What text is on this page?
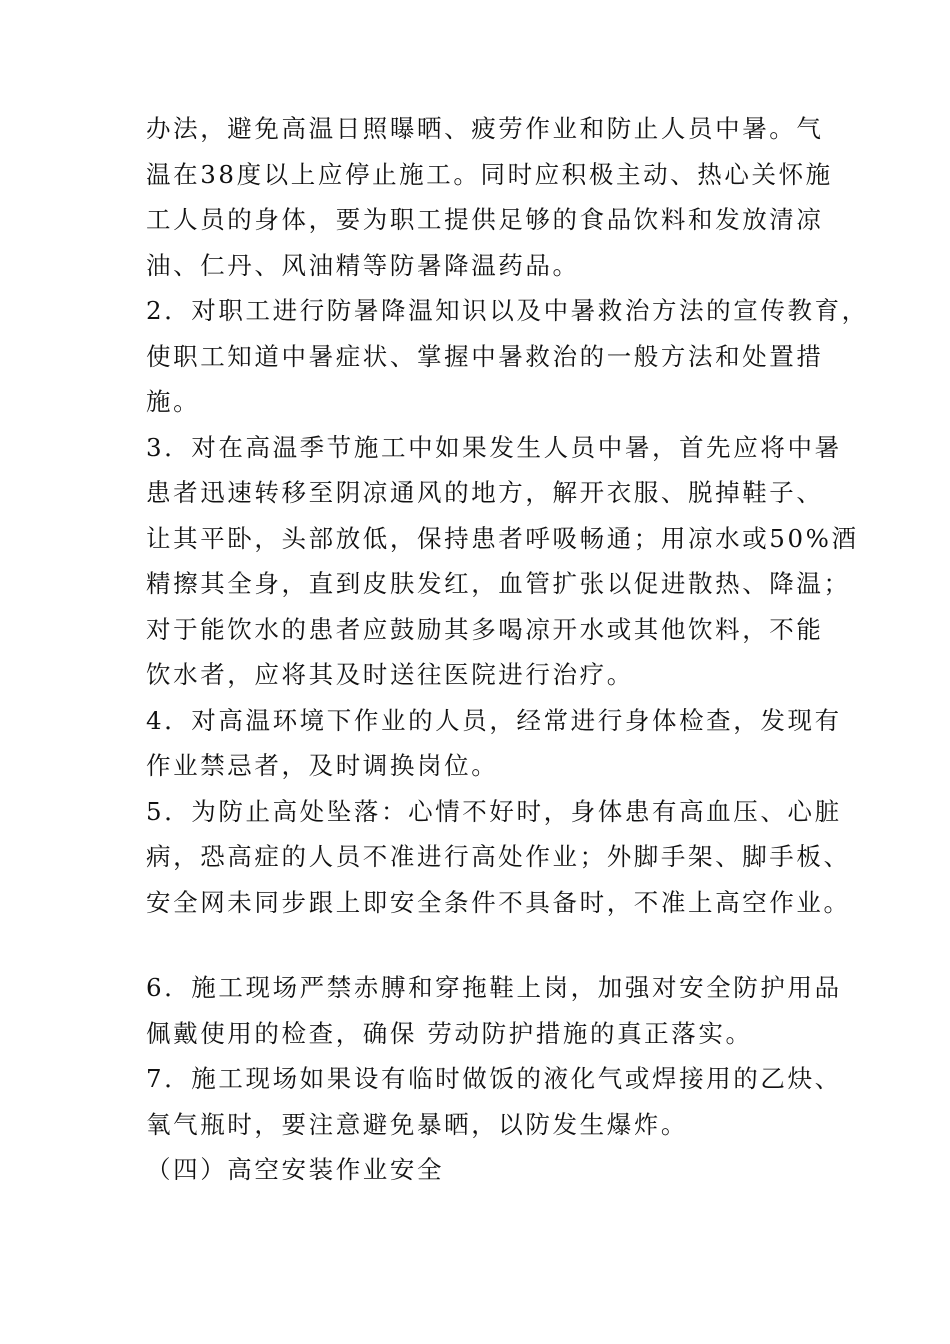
办法，避免高温日照曝晒、疲劳作业和防止人员中暑。气
温在38度以上应停止施工。同时应积极主动、热心关怀施
工人员的身体，要为职工提供足够的食品饮料和发放清凉
油、仁丹、风油精等防暑降温药品。
2．对职工进行防暑降温知识以及中暑救治方法的宣传教育，
使职工知道中暑症状、掌握中暑救治的一般方法和处置措
施。
3．对在高温季节施工中如果发生人员中暑，首先应将中暑
患者迅速转移至阴凉通风的地方，解开衣服、脱掉鞋子、
让其平卧，头部放低，保持患者呼吸畅通；用凉水或50%酒
精擦其全身，直到皮肤发红，血管扩张以促进散热、降温；
对于能饮水的患者应鼓励其多喝凉开水或其他饮料，不能
饮水者，应将其及时送往医院进行治疗。
4．对高温环境下作业的人员，经常进行身体检查，发现有
作业禁忌者，及时调换岗位。
5．为防止高处坠落：心情不好时，身体患有高血压、心脏
病，恐高症的人员不准进行高处作业；外脚手架、脚手板、
安全网未同步跟上即安全条件不具备时，不准上高空作业。
6．施工现场严禁赤膊和穿拖鞋上岗，加强对安全防护用品
佩戴使用的检查，确保 劳动防护措施的真正落实。
7．施工现场如果设有临时做饭的液化气或焊接用的乙炔、
氧气瓶时，要注意避免暴晒，以防发生爆炸。
（四）高空安装作业安全
